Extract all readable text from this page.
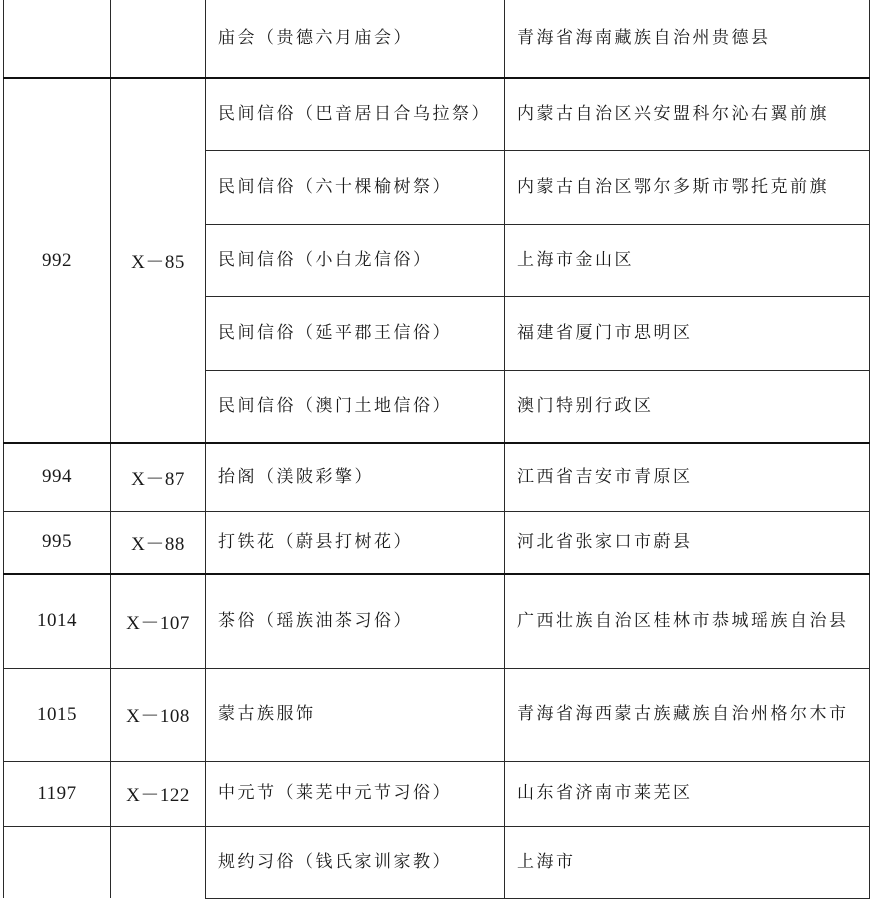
		庙会（贵德六月庙会）	青海省海南藏族自治州贵德县
992	X－85	民间信俗（巴音居日合乌拉祭）	内蒙古自治区兴安盟科尔沁右翼前旗
		民间信俗（六十棵榆树祭）	内蒙古自治区鄂尔多斯市鄂托克前旗
		民间信俗（小白龙信俗）	上海市金山区
		民间信俗（延平郡王信俗）	福建省厦门市思明区
		民间信俗（澳门土地信俗）	澳门特别行政区
994	X－87	抬阁（渼陂彩擎）	江西省吉安市青原区
995	X－88	打铁花（蔚县打树花）	河北省张家口市蔚县
1014	X－107	茶俗（瑶族油茶习俗）	广西壮族自治区桂林市恭城瑶族自治县
1015	X－108	蒙古族服饰	青海省海西蒙古族藏族自治州格尔木市
1197	X－122	中元节（莱芜中元节习俗）	山东省济南市莱芜区
		规约习俗（钱氏家训家教）	上海市
